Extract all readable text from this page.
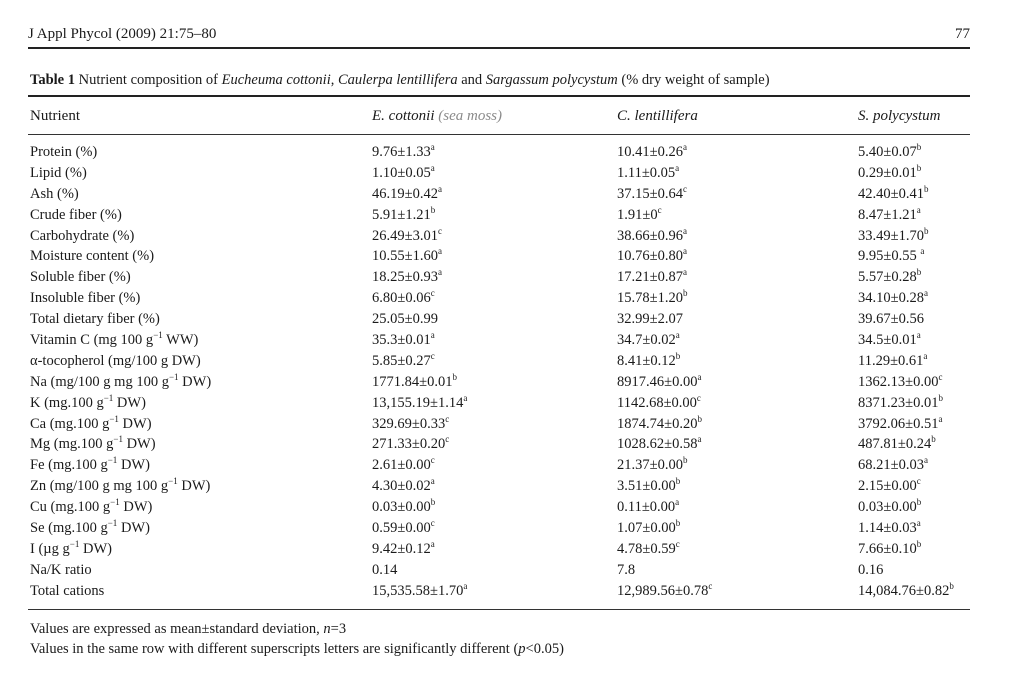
J Appl Phycol (2009) 21:75–80	77
Table 1 Nutrient composition of Eucheuma cottonii, Caulerpa lentillifera and Sargassum polycystum (% dry weight of sample)
Nutrient	E. cottonii (sea moss)	C. lentillifera	S. polycystum
Protein (%)	9.76±1.33$^a$	10.41±0.26$^a$	5.40±0.07$^b$
Lipid (%)	1.10±0.05$^a$	1.11±0.05$^a$	0.29±0.01$^b$
Ash (%)	46.19±0.42$^a$	37.15±0.64$^c$	42.40±0.41$^b$
Crude fiber (%)	5.91±1.21$^b$	$1.91\pm 0^c$	8.47±1.21$^a$
Carbohydrate (%)	26.49±3.01$^c$	38.66±0.96$^a$	33.49±1.70$^b$
Moisture content (%)	10.55±1.60$^a$	10.76±0.80$^a$	9.95±0.55 $^a$
Soluble fiber (%)	18.25±0.93$^a$	17.21±0.87$^a$	5.57±0.28$^b$
Insoluble fiber (%)	6.80±0.06$^c$	15.78±1.20$^b$	34.10±0.28$^a$
Total dietary fiber (%)	25.05±0.99	32.99±2.07	39.67±0.56
Vitamin C (mg 100 $g^{-1}$ WW)	35.3±0.01$^a$	34.7±0.02$^a$	34.5±0.01$^a$
α-tocopherol (mg/100 g DW)	5.85±0.27$^c$	8.41±0.12$^b$	11.29±0.61$^a$
Na (mg/100 g mg 100 $g^{-1}$ DW)	1771.84±0.01$^b$	8917.46±0.00$^a$	1362.13±0.00$^c$
K (mg.100 $g^{-1}$ DW)	13,155.19±1.14$^a$	1142.68±0.00$^c$	8371.23±0.01$^b$
Ca (mg.100 $g^{-1}$ DW)	329.69±0.33$^c$	1874.74±0.20$^b$	3792.06±0.51$^a$
Mg (mg.100 $g^{-1}$ DW)	271.33±0.20$^c$	1028.62±0.58$^a$	487.81±0.24$^b$
Fe (mg.100 $g^{-1}$ DW)	2.61±0.00$^c$	21.37±0.00$^b$	68.21±0.03$^a$
Zn (mg/100 g mg 100 $g^{-1}$ DW)	4.30±0.02$^a$	3.51±0.00$^b$	2.15±0.00$^c$
Cu (mg.100 $g^{-1}$ DW)	0.03±0.00$^b$	0.11±0.00$^a$	0.03±0.00$^b$
Se (mg.100 $g^{-1}$ DW)	0.59±0.00$^c$	1.07±0.00$^b$	1.14±0.03$^a$
I (µg $g^{-1}$ DW)	9.42±0.12$^a$	4.78±0.59$^c$	7.66±0.10$^b$
Na/K ratio	0.14	7.8	0.16
Total cations	15,535.58±1.70$^a$	12,989.56±0.78$^c$	14,084.76±0.82$^b$
Values are expressed as mean±standard deviation, n=3
Values in the same row with different superscripts letters are significantly different (p<0.05)
